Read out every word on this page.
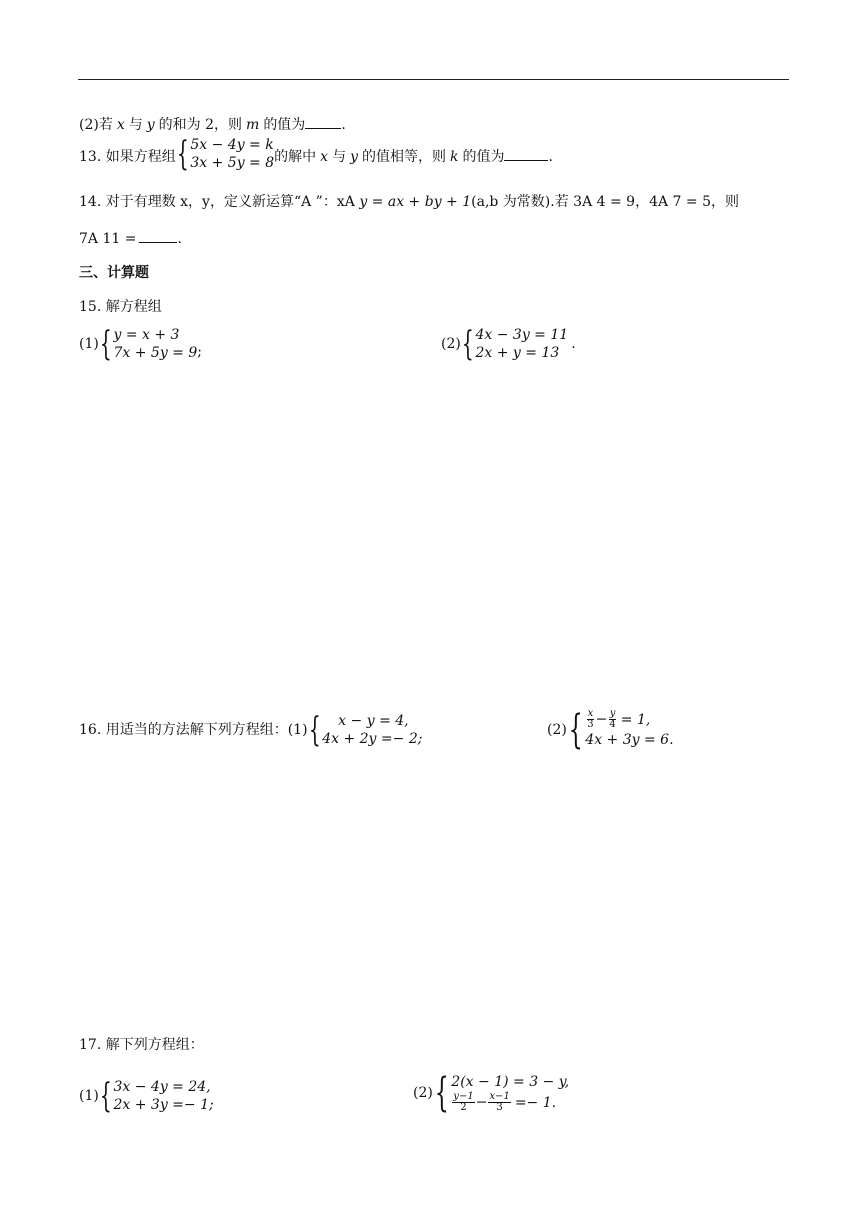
(2)若 x 与 y 的和为 2，则 m 的值为	.
13. 如果方程组 { 5x − 4y = k
3x + 5y = 8 的解中 x 与 y 的值相等，则 k 的值为	.
14. 对于有理数 x，y，定义新运算“A ”：xA y = ax + by + 1(a,b 为常数).若 3A 4 = 9，4A 7 = 5，则
7A 11 =	.
三、计算题
15. 解方程组
(1) { y = x + 3
7x + 5y = 9 ;	(2) { 4x − 3y = 11
2x + y = 13
.
16. 用适当的方法解下列方程组： (1) {	x − y = 4,
4x + 2y =− 2;
(2) { $\frac{x}{3} - \frac{y}{4} = 1$,
4x + 3y = 6.
17. 解下列方程组：
(1) { 3x − 4y = 24,
2x + 3y =− 1;
(2) { 2(x − 1) = 3 − y,
$\frac{y-1}{2} - \frac{x-1}{3} =- 1$.
